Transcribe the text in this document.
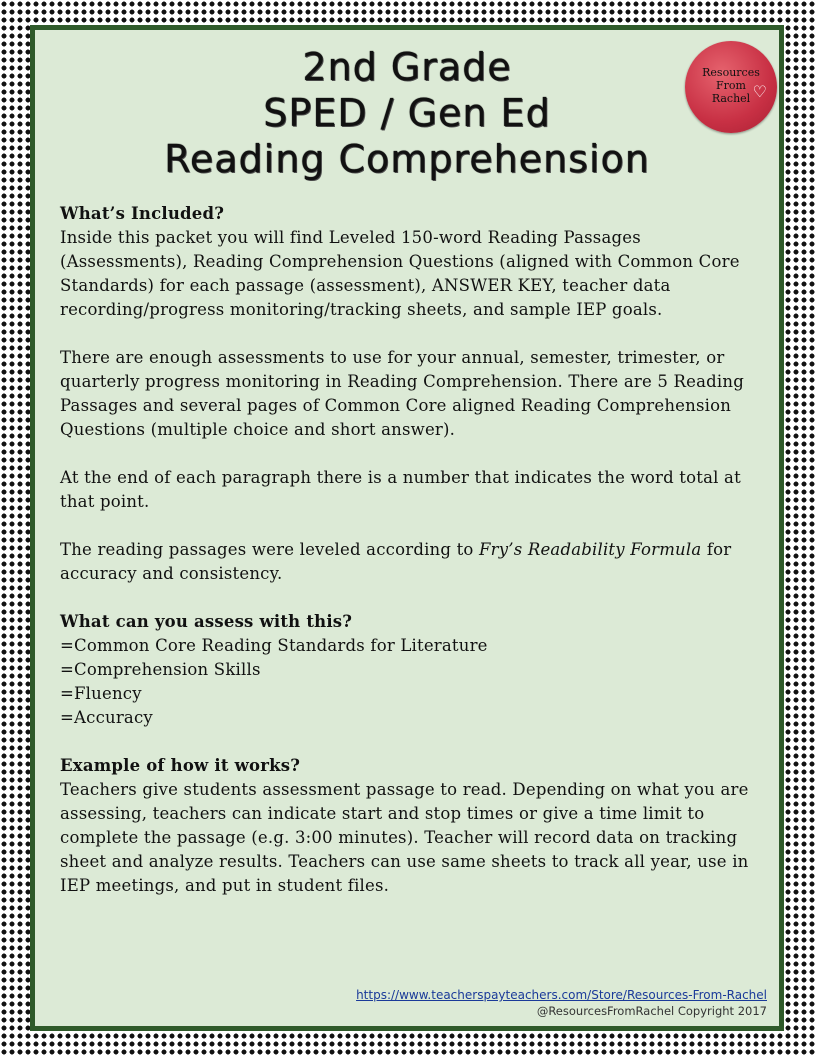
2nd Grade
SPED / Gen Ed
Reading Comprehension
Resources
From
Rachel ♡

What’s Included?

Inside this packet you will find Leveled 150-word Reading Passages (Assessments), Reading Comprehension Questions (aligned with Common Core Standards) for each passage (assessment), ANSWER KEY, teacher data recording/progress monitoring/tracking sheets, and sample IEP goals.

There are enough assessments to use for your annual, semester, trimester, or quarterly progress monitoring in Reading Comprehension. There are 5 Reading Passages and several pages of Common Core aligned Reading Comprehension Questions (multiple choice and short answer).

At the end of each paragraph there is a number that indicates the word total at that point.

The reading passages were leveled according to Fry’s Readability Formula for accuracy and consistency.

What can you assess with this?

=Common Core Reading Standards for Literature

=Comprehension Skills

=Fluency

=Accuracy

Example of how it works?

Teachers give students assessment passage to read. Depending on what you are assessing, teachers can indicate start and stop times or give a time limit to complete the passage (e.g. 3:00 minutes). Teacher will record data on tracking sheet and analyze results. Teachers can use same sheets to track all year, use in IEP meetings, and put in student files.

https://www.teacherspayteachers.com/Store/Resources-From-Rachel
@ResourcesFromRachel Copyright 2017
